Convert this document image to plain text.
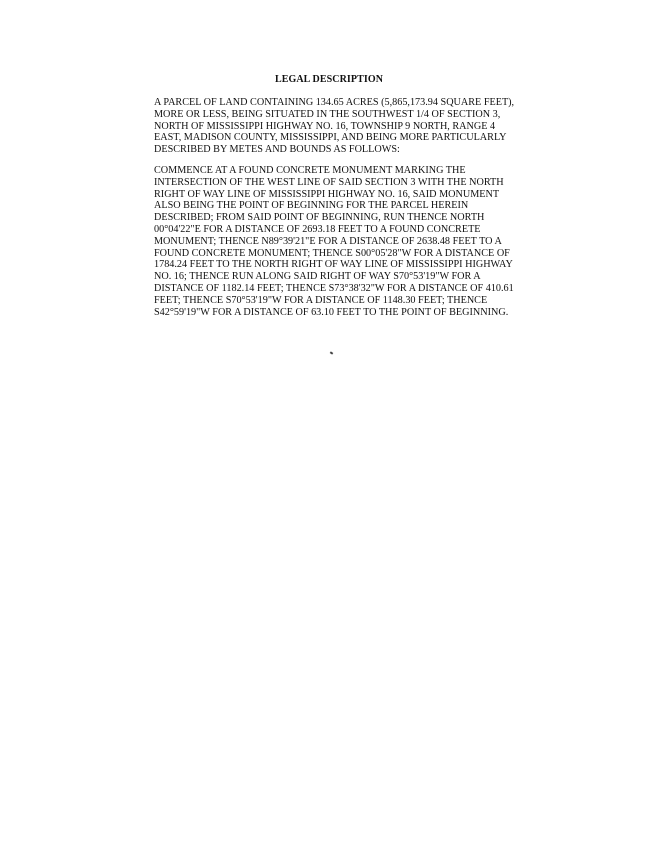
LEGAL DESCRIPTION

A PARCEL OF LAND CONTAINING 134.65 ACRES (5,865,173.94 SQUARE FEET),
MORE OR LESS, BEING SITUATED IN THE SOUTHWEST 1/4 OF SECTION 3,
NORTH OF MISSISSIPPI HIGHWAY NO. 16, TOWNSHIP 9 NORTH, RANGE 4
EAST, MADISON COUNTY, MISSISSIPPI, AND BEING MORE PARTICULARLY
DESCRIBED BY METES AND BOUNDS AS FOLLOWS:

COMMENCE AT A FOUND CONCRETE MONUMENT MARKING THE
INTERSECTION OF THE WEST LINE OF SAID SECTION 3 WITH THE NORTH
RIGHT OF WAY LINE OF MISSISSIPPI HIGHWAY NO. 16, SAID MONUMENT
ALSO BEING THE POINT OF BEGINNING FOR THE PARCEL HEREIN
DESCRIBED; FROM SAID POINT OF BEGINNING, RUN THENCE NORTH
00°04'22"E FOR A DISTANCE OF 2693.18 FEET TO A FOUND CONCRETE
MONUMENT; THENCE N89°39'21"E FOR A DISTANCE OF 2638.48 FEET TO A
FOUND CONCRETE MONUMENT; THENCE S00°05'28"W FOR A DISTANCE OF
1784.24 FEET TO THE NORTH RIGHT OF WAY LINE OF MISSISSIPPI HIGHWAY
NO. 16; THENCE RUN ALONG SAID RIGHT OF WAY S70°53'19"W FOR A
DISTANCE OF 1182.14 FEET; THENCE S73°38'32"W FOR A DISTANCE OF 410.61
FEET; THENCE S70°53'19"W FOR A DISTANCE OF 1148.30 FEET; THENCE
S42°59'19"W FOR A DISTANCE OF 63.10 FEET TO THE POINT OF BEGINNING.
